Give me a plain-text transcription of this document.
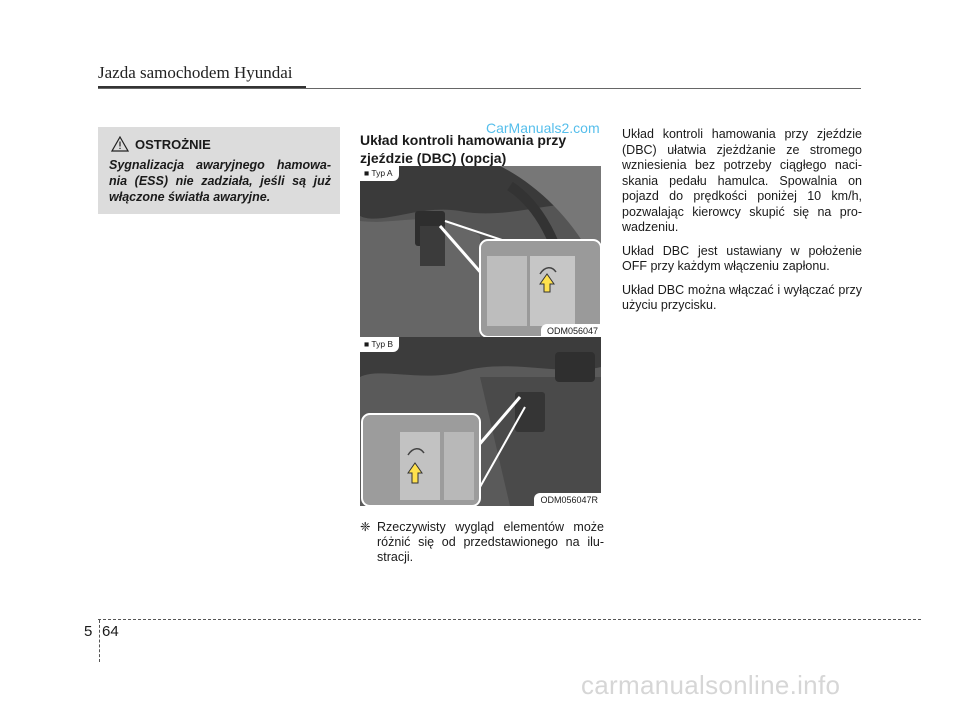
Jazda samochodem Hyundai
OSTROŻNIE
Sygnalizacja awaryjnego hamowa-nia (ESS) nie zadziała, jeśli są już włączone światła awaryjne.
Układ kontroli hamowania przy zjeździe (DBC) (opcja)
CarManuals2.com
■ Typ A
ODM056047
■ Typ B
ODM056047R
❈ Rzeczywisty wygląd elementów może różnić się od przedstawionego na ilu-stracji.

Układ kontroli hamowania przy zjeździe (DBC) ułatwia zjeżdżanie ze stromego wzniesienia bez potrzeby ciągłego naci-skania pedału hamulca. Spowalnia on pojazd do prędkości poniżej 10 km/h, pozwalając kierowcy skupić się na pro-wadzeniu.

Układ DBC jest ustawiany w położenie OFF przy każdym włączeniu zapłonu.

Układ DBC można włączać i wyłączać przy użyciu przycisku.

5 64
carmanualsonline.info
